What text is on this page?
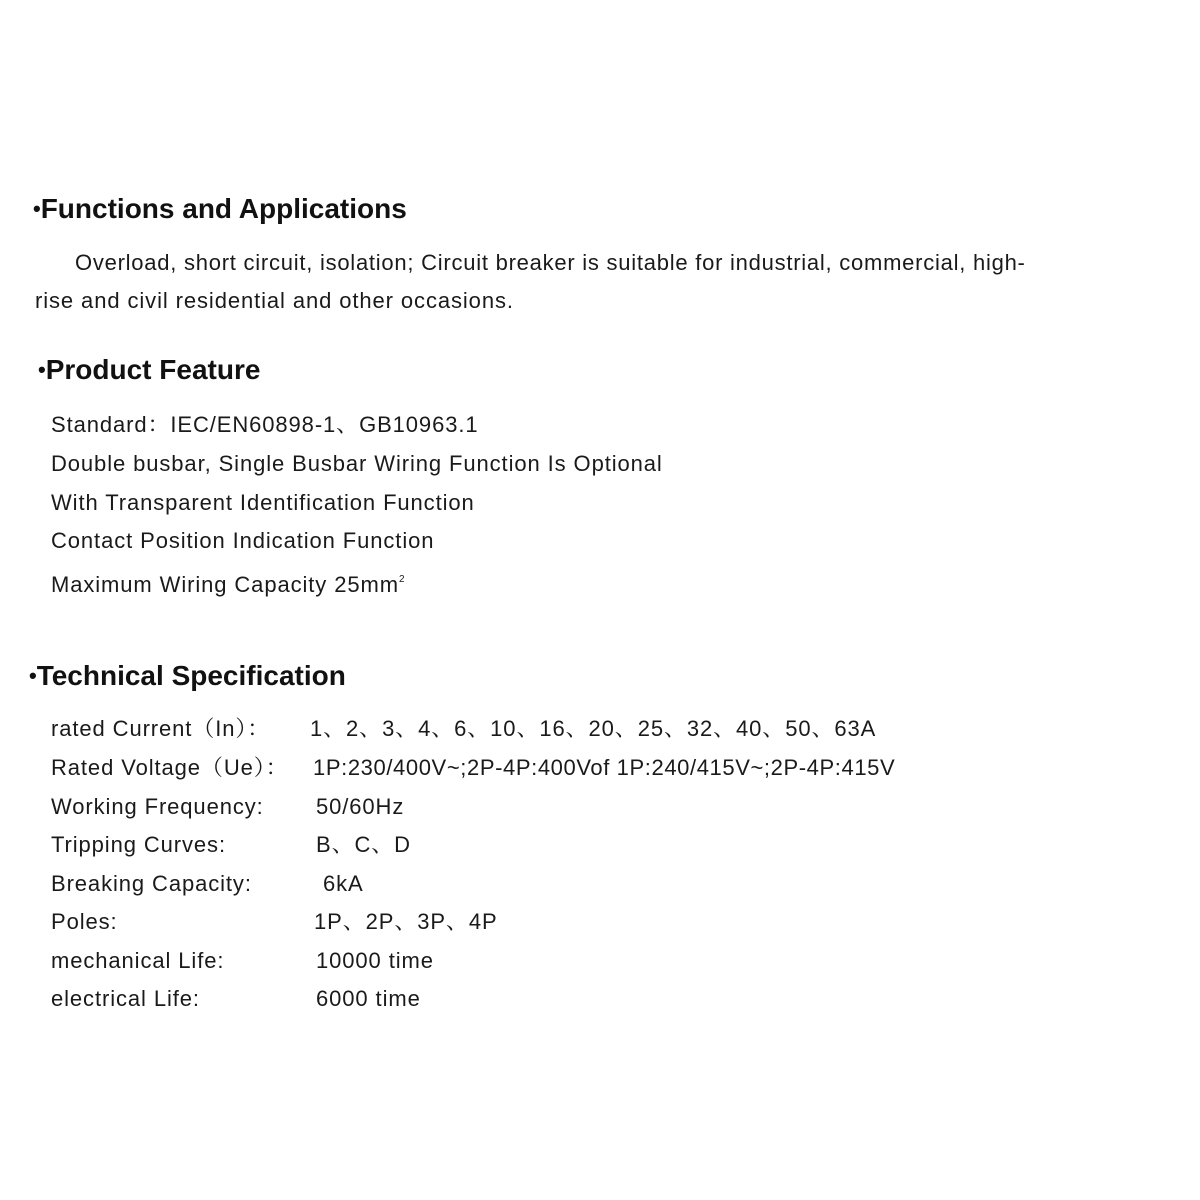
•Functions and Applications
Overload, short circuit, isolation; Circuit breaker is suitable for industrial, commercial, high-
rise and civil residential and other occasions.
•Product Feature
Standard：IEC/EN60898-1、GB10963.1
Double busbar, Single Busbar Wiring Function Is Optional
With Transparent Identification Function
Contact Position Indication Function
Maximum Wiring Capacity $25mm^2$
•Technical Specification
rated Current（In）： 1、2、3、4、6、10、16、20、25、32、40、50、63A
Rated Voltage（Ue）： 1P:230/400V~;2P-4P:400Vof 1P:240/415V~;2P-4P:415V
Working Frequency: 50/60Hz
Tripping Curves:	B、C、D
Breaking Capacity:	6kA
Poles:	1P、2P、3P、4P
mechanical Life:	10000 time
electrical Life:	6000 time
